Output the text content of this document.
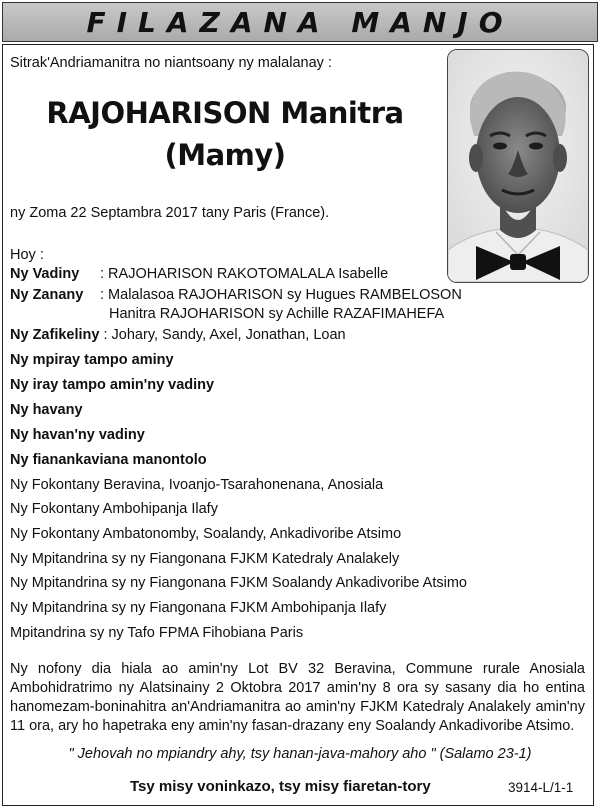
FILAZANA MANJO
Sitrak'Andriamanitra no niantsoany ny malalanay :
RAJOHARISON Manitra
(Mamy)
ny Zoma 22 Septambra 2017 tany Paris (France).
Hoy :
Ny Vadiny : RAJOHARISON RAKOTOMALALA Isabelle
Ny Zanany : Malalasoa RAJOHARISON sy Hugues RAMBELOSON
Hanitra RAJOHARISON sy Achille RAZAFIMAHEFA
Ny Zafikeliny : Johary, Sandy, Axel, Jonathan, Loan
Ny mpiray tampo aminy
Ny iray tampo amin'ny vadiny
Ny havany
Ny havan'ny vadiny
Ny fianankaviana manontolo
Ny Fokontany Beravina, Ivoanjo-Tsarahonenana, Anosiala
Ny Fokontany Ambohipanja Ilafy
Ny Fokontany Ambatonomby, Soalandy, Ankadivoribe Atsimo
Ny Mpitandrina sy ny Fiangonana FJKM Katedraly Analakely
Ny Mpitandrina sy ny Fiangonana FJKM Soalandy Ankadivoribe Atsimo
Ny Mpitandrina sy ny Fiangonana FJKM Ambohipanja Ilafy
Mpitandrina sy ny Tafo FPMA Fihobiana Paris
Ny nofony dia hiala ao amin'ny Lot BV 32 Beravina, Commune rurale Anosiala
Ambohidratrimo ny Alatsinainy 2 Oktobra 2017 amin'ny 8 ora sy sasany dia ho entina
hanomezam-boninahitra an'Andriamanitra ao amin'ny FJKM Katedraly Analakely amin'ny
11 ora, ary ho hapetraka eny amin'ny fasan-drazany eny Soalandy Ankadivoribe Atsimo.
" Jehovah no mpiandry ahy, tsy hanan-java-mahory aho " (Salamo 23-1)
Tsy misy voninkazo, tsy misy fiaretan-tory	3914-L/1-1
